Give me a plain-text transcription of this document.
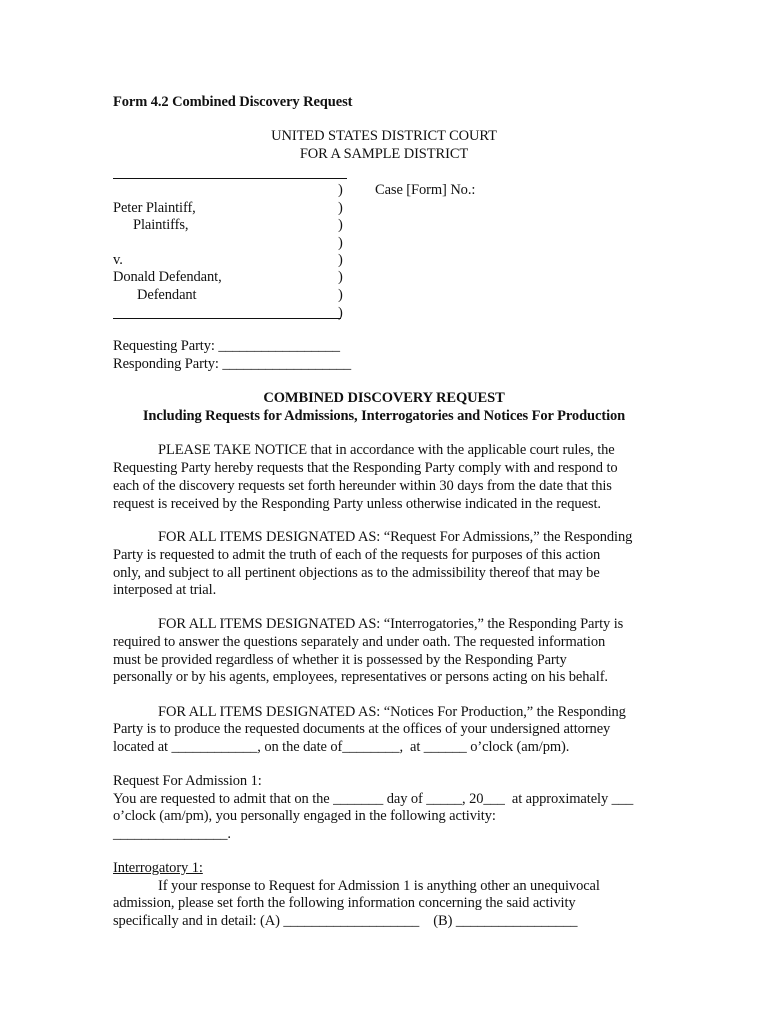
Form 4.2 Combined Discovery Request
UNITED STATES DISTRICT COURT
FOR A SAMPLE DISTRICT
Case [Form] No.:
)
)
)
)
)
)
)
)
Peter Plaintiff,
Plaintiffs,
v.
Donald Defendant,
Defendant
Requesting Party: _________________
Responding Party: __________________
COMBINED DISCOVERY REQUEST
Including Requests for Admissions, Interrogatories and Notices For Production
PLEASE TAKE NOTICE that in accordance with the applicable court rules, the
Requesting Party hereby requests that the Responding Party comply with and respond to
each of the discovery requests set forth hereunder within 30 days from the date that this
request is received by the Responding Party unless otherwise indicated in the request.
FOR ALL ITEMS DESIGNATED AS: “Request For Admissions,” the Responding
Party is requested to admit the truth of each of the requests for purposes of this action
only, and subject to all pertinent objections as to the admissibility thereof that may be
interposed at trial.
FOR ALL ITEMS DESIGNATED AS: “Interrogatories,” the Responding Party is
required to answer the questions separately and under oath. The requested information
must be provided regardless of whether it is possessed by the Responding Party
personally or by his agents, employees, representatives or persons acting on his behalf.
FOR ALL ITEMS DESIGNATED AS: “Notices For Production,” the Responding
Party is to produce the requested documents at the offices of your undersigned attorney
located at ____________, on the date of________,  at ______ o’clock (am/pm).
Request For Admission 1:
You are requested to admit that on the _______ day of _____, 20___  at approximately ___
o’clock (am/pm), you personally engaged in the following activity:
________________.
Interrogatory 1:
If your response to Request for Admission 1 is anything other an unequivocal
admission, please set forth the following information concerning the said activity
specifically and in detail: (A) ___________________    (B) _________________
